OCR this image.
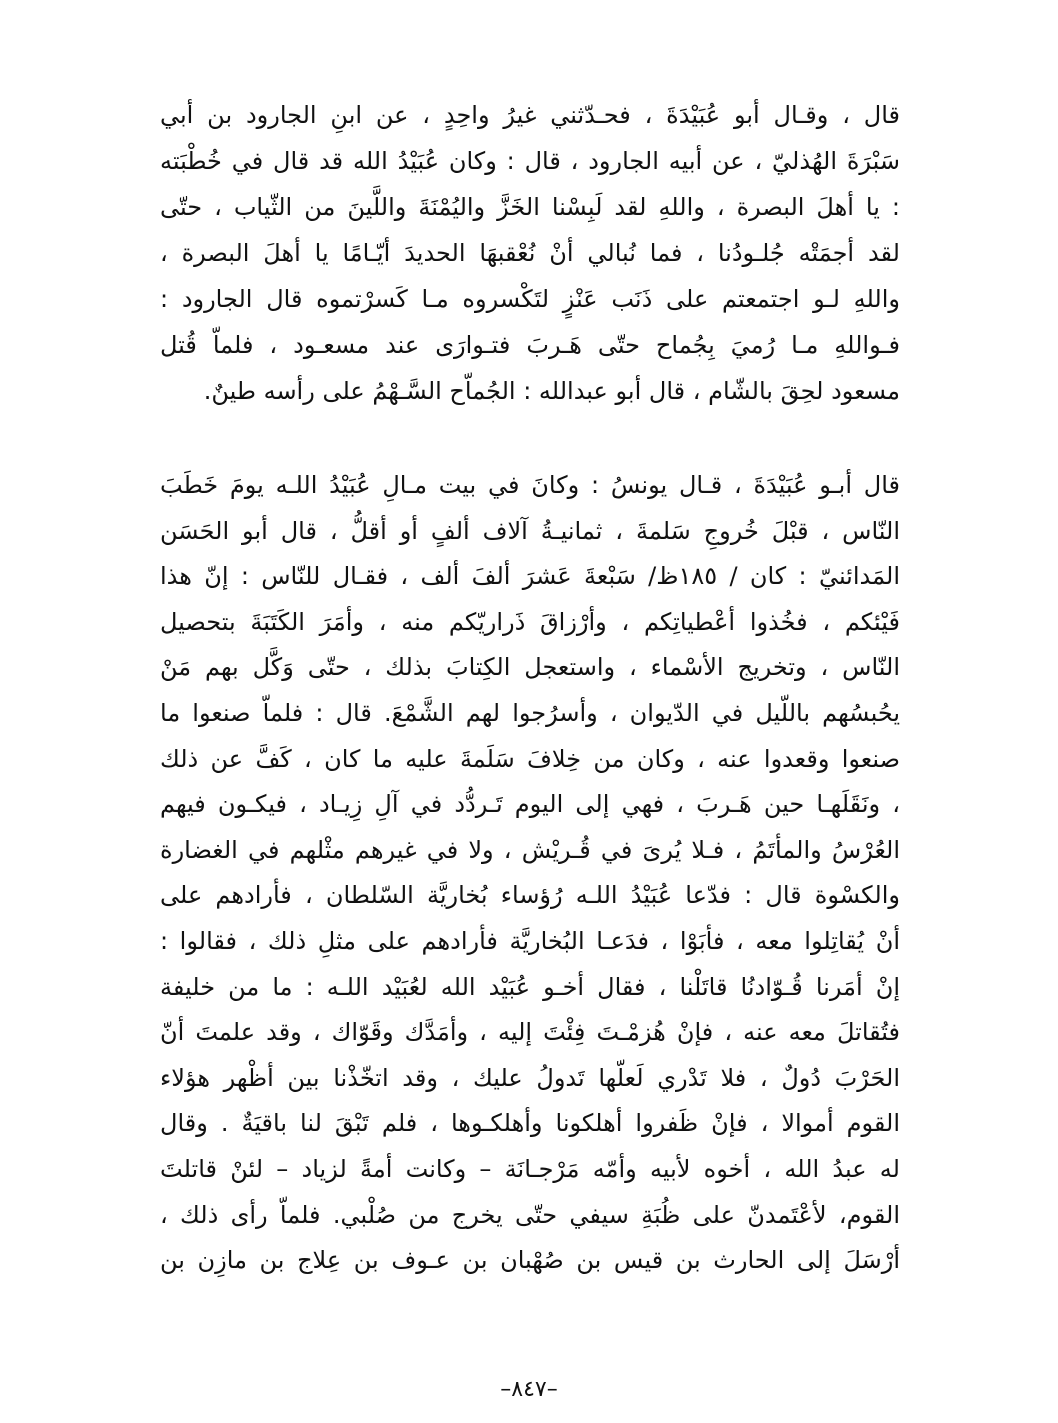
قال ، وقـال أبو عُبَيْدَةَ ، فحـدّثني غيرُ واحِدٍ ، عن ابنِ الجارود بن أبي
سَبْرَةَ الهُذليّ ، عن أبيه الجارود ، قال : وكان عُبَيْدُ الله قد قال في خُطْبَته
: يا أهلَ البصرة ، واللهِ لقد لَبِسْنا الخَزَّ واليُمْنَةَ واللَّينَ من الثّياب ، حتّى
لقد أجمَتْه جُلـودُنا ، فما نُبالي أنْ نُعْقبهَا الحديدَ أيّـامًا يا أهلَ البصرة ،
واللهِ لـو اجتمعتم على ذَنَب عَنْزٍ لتَكْسروه مـا كَسرْتموه قال الجارود :
فـواللهِ مـا رُميَ بِجُماح حتّى هَـربَ فتـوارَى عند مسعـود ، فلماّ قُتل
مسعود لحِقَ بالشّام ، قال أبو عبدالله : الجُماّح السَّـهْمُ على رأسه طينٌ.
قال أبـو عُبَيْدَةَ ، قـال يونسُ : وكانَ في بيت مـالِ عُبَيْدُ اللـه يومَ خَطَبَ
النّاس ، قبْلَ خُروجِ سَلمةَ ، ثمانيـةُ آلاف ألفٍ أو أقلُّ ، قال أبو الحَسَن
المَدائنيّ : كان / ١٨٥ظ/ سَبْعةَ عَشرَ ألفَ ألف ، فقـال للنّاس : إنّ هذا
فَيْئكم ، فخُذوا أعْطياتِكم ، وأرْزاقَ ذَراريّكم منه ، وأمَرَ الكَتَبَةَ بتحصيل
النّاس ، وتخريج الأسْماء ، واستعجل الكِتابَ بذلك ، حتّى وَكَّل بهم مَنْ
يحُبسُهم باللّيل في الدّيوان ، وأسرُجوا لهم الشَّمْعَ. قال : فلماّ صنعوا ما
صنعوا وقعدوا عنه ، وكان من خِلافَ سَلَمةَ عليه ما كان ، كَفَّ عن ذلك
، ونَقَلَهـا حين هَـربَ ، فهي إلى اليوم تَـردُّد في آلِ زِيـاد ، فيكـون فيهم
العُرْسُ والمأتَمُ ، فـلا يُرىَ في قُـريْش ، ولا في غيرهم مثْلهم في الغضارة
والكسْوة قال : فدّعا عُبَيْدُ اللـه رُؤساء بُخاريَّة السّلطان ، فأرادهم على
أنْ يُقاتِلوا معه ، فأبَوْا ، فدَعـا البُخاريَّة فأرادهم على مثلِ ذلك ، فقالوا :
إنْ أمَرنا قُـوّادنُا قاتَلْنا ، فقال أخـو عُبَيْد الله لعُبَيْد اللـه : ما من خليفة
فتُقاتلَ معه عنه ، فإنْ هُزمْـتَ فِئْتَ إليه ، وأمَدَّك وقَوّاك ، وقد علمتَ أنّ
الحَرْبَ دُولٌ ، فلا تَدْري لَعلّها تَدولُ عليك ، وقد اتخّذْنا بين أظْهر هؤلاء
القوم أموالا ، فإنْ ظَفروا أهلكونا وأهلكـوها ، فلم تَبْقَ لنا باقيَةٌ . وقال
له عبدُ الله ، أخوه لأبيه وأمّه مَرْجـانَة – وكانت أمةً لزياد – لئنْ قاتلتَ
القوم، لأعْتَمدنّ على ظُبَةِ سيفي حتّى يخرج من صُلْبي. فلماّ رأى ذلك ،
أرْسَلَ إلى الحارث بن قيس بن صُهْبان بن عـوف بن عِلاج بن مازِن بن
–٨٤٧–
